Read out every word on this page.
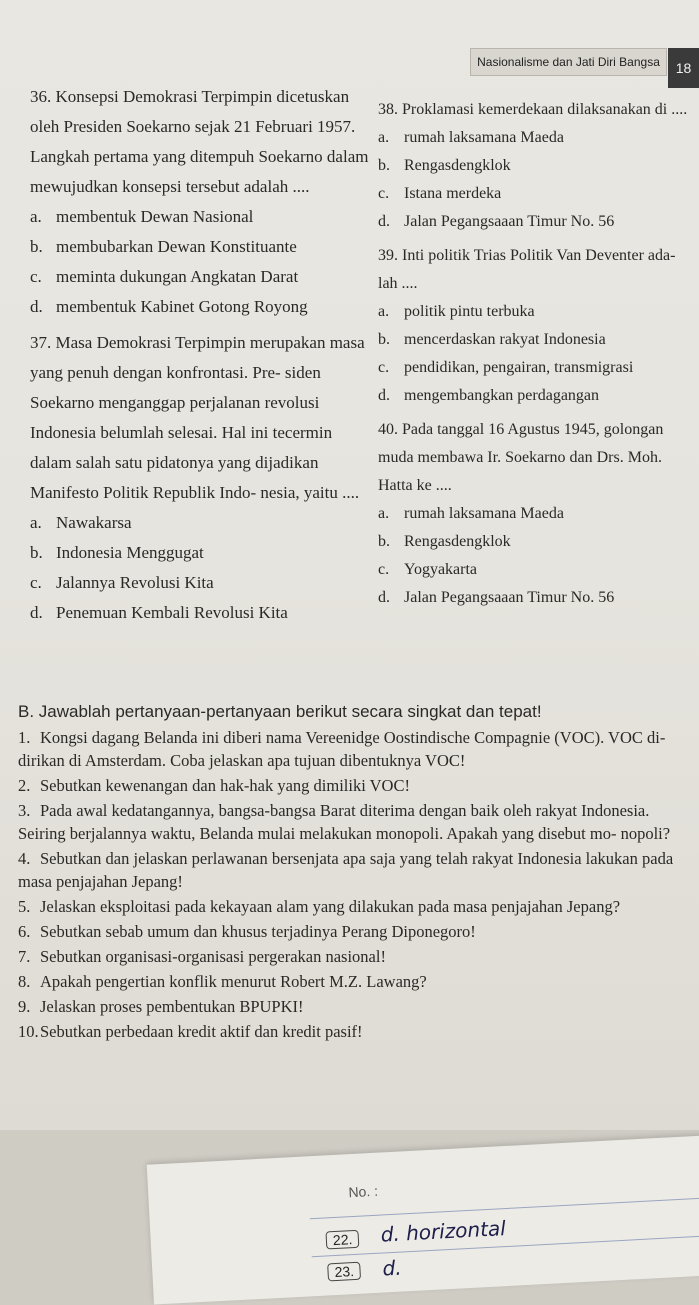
Nasionalisme dan Jati Diri Bangsa	18
36. Konsepsi Demokrasi Terpimpin dicetuskan oleh Presiden Soekarno sejak 21 Februari 1957. Langkah pertama yang ditempuh Soekarno dalam mewujudkan konsepsi tersebut adalah ....
a. membentuk Dewan Nasional
b. membubarkan Dewan Konstituante
c. meminta dukungan Angkatan Darat
d. membentuk Kabinet Gotong Royong
37. Masa Demokrasi Terpimpin merupakan masa yang penuh dengan konfrontasi. Pre- siden Soekarno menganggap perjalanan revolusi Indonesia belumlah selesai. Hal ini tecermin dalam salah satu pidatonya yang dijadikan Manifesto Politik Republik Indo- nesia, yaitu ....
a. Nawakarsa
b. Indonesia Menggugat
c. Jalannya Revolusi Kita
d. Penemuan Kembali Revolusi Kita
38. Proklamasi kemerdekaan dilaksanakan di ....
a. rumah laksamana Maeda
b. Rengasdengklok
c. Istana merdeka
d. Jalan Pegangsaaan Timur No. 56
39. Inti politik Trias Politik Van Deventer ada- lah ....
a. politik pintu terbuka
b. mencerdaskan rakyat Indonesia
c. pendidikan, pengairan, transmigrasi
d. mengembangkan perdagangan
40. Pada tanggal 16 Agustus 1945, golongan muda membawa Ir. Soekarno dan Drs. Moh. Hatta ke ....
a. rumah laksamana Maeda
b. Rengasdengklok
c. Yogyakarta
d. Jalan Pegangsaaan Timur No. 56
B. Jawablah pertanyaan-pertanyaan berikut secara singkat dan tepat!
1. Kongsi dagang Belanda ini diberi nama Vereenidge Oostindische Compagnie (VOC). VOC di- dirikan di Amsterdam. Coba jelaskan apa tujuan dibentuknya VOC!
2. Sebutkan kewenangan dan hak-hak yang dimiliki VOC!
3. Pada awal kedatangannya, bangsa-bangsa Barat diterima dengan baik oleh rakyat Indonesia. Seiring berjalannya waktu, Belanda mulai melakukan monopoli. Apakah yang disebut mo- nopoli?
4. Sebutkan dan jelaskan perlawanan bersenjata apa saja yang telah rakyat Indonesia lakukan pada masa penjajahan Jepang!
5. Jelaskan eksploitasi pada kekayaan alam yang dilakukan pada masa penjajahan Jepang?
6. Sebutkan sebab umum dan khusus terjadinya Perang Diponegoro!
7. Sebutkan organisasi-organisasi pergerakan nasional!
8. Apakah pengertian konflik menurut Robert M.Z. Lawang?
9. Jelaskan proses pembentukan BPUPKI!
10.Sebutkan perbedaan kredit aktif dan kredit pasif!
No. :
22.	d. horizontal
23.	d.
